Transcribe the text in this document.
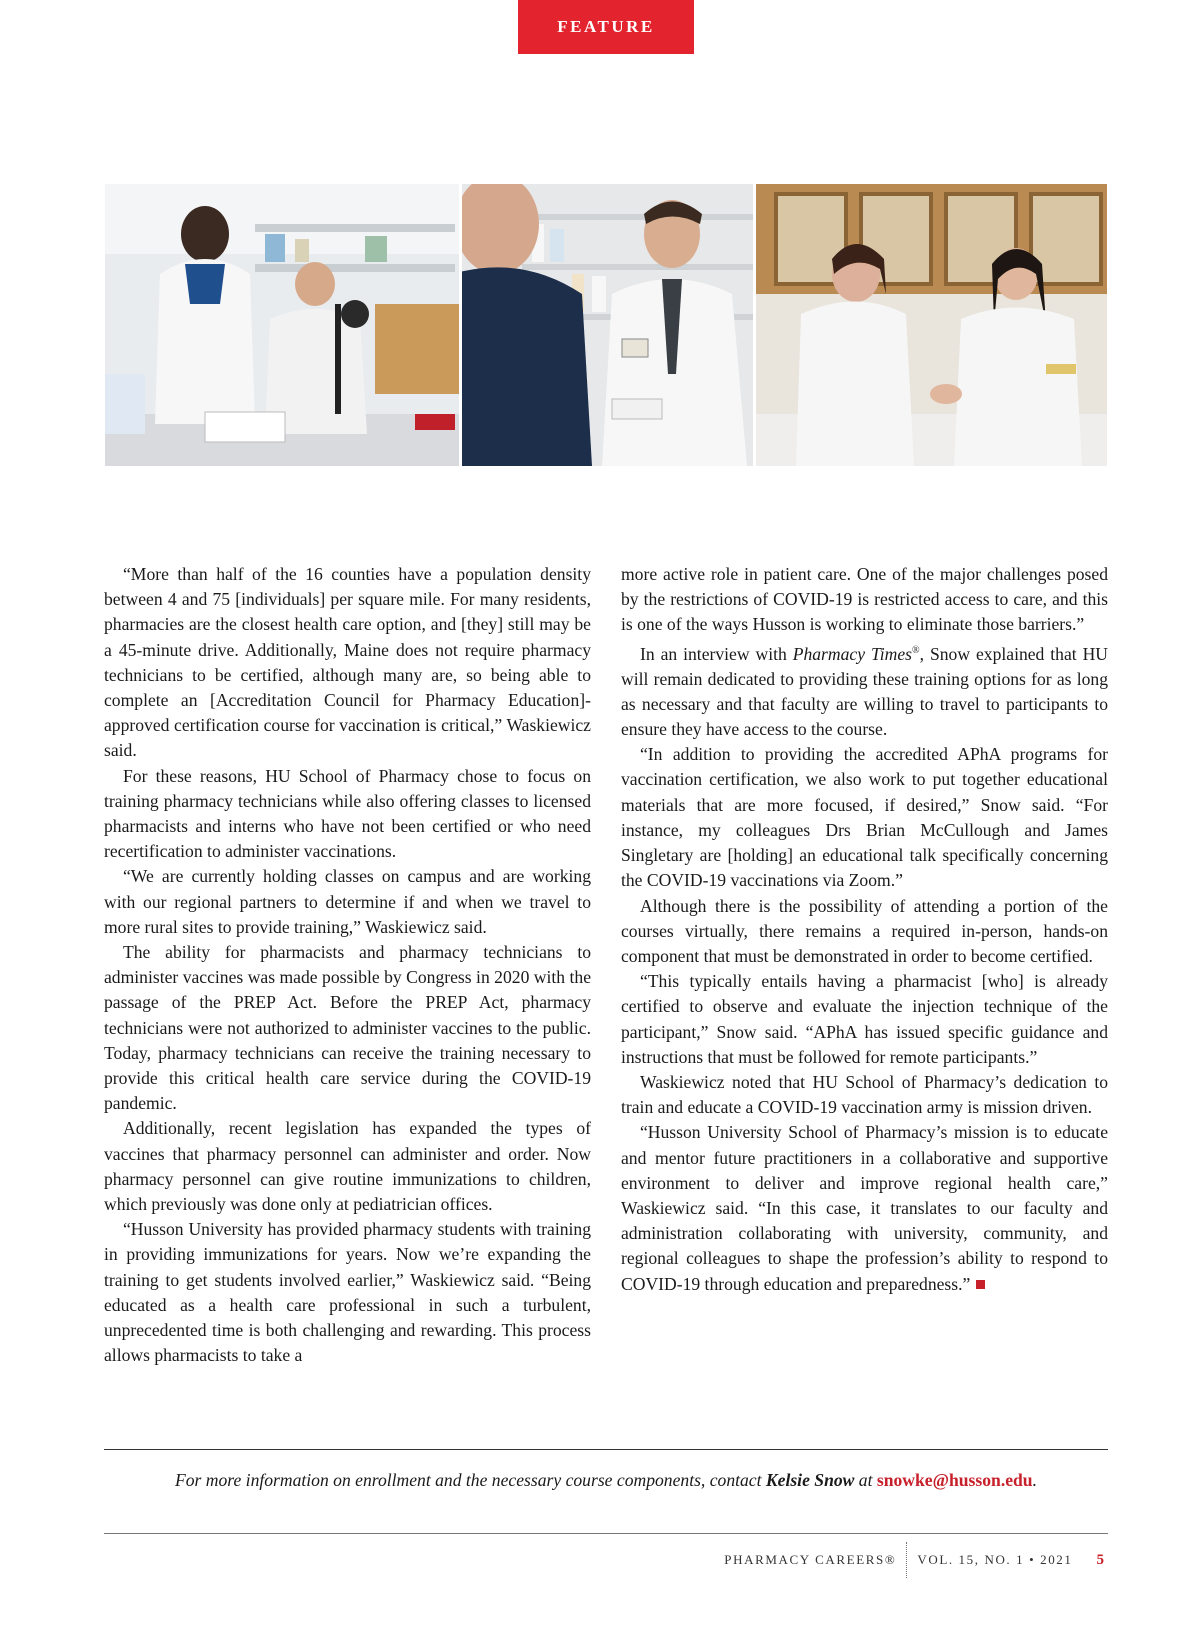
FEATURE

“More than half of the 16 counties have a population density between 4 and 75 [individuals] per square mile. For many residents, pharmacies are the closest health care option, and [they] still may be a 45-minute drive. Additionally, Maine does not require pharmacy technicians to be certified, although many are, so being able to complete an [Accreditation Council for Pharmacy Education]-approved certification course for vaccination is critical,” Waskiewicz said.

For these reasons, HU School of Pharmacy chose to focus on training pharmacy technicians while also offering classes to licensed pharmacists and interns who have not been certified or who need recertification to administer vaccinations.

“We are currently holding classes on campus and are working with our regional partners to determine if and when we travel to more rural sites to provide training,” Waskiewicz said.

The ability for pharmacists and pharmacy technicians to administer vaccines was made possible by Congress in 2020 with the passage of the PREP Act. Before the PREP Act, pharmacy technicians were not authorized to administer vaccines to the public. Today, pharmacy technicians can receive the training necessary to provide this critical health care service during the COVID-19 pandemic.

Additionally, recent legislation has expanded the types of vaccines that pharmacy personnel can administer and order. Now pharmacy personnel can give routine immunizations to children, which previously was done only at pediatrician offices.

“Husson University has provided pharmacy students with training in providing immunizations for years. Now we’re expanding the training to get students involved earlier,” Waskiewicz said. “Being educated as a health care professional in such a turbulent, unprecedented time is both challenging and rewarding. This process allows pharmacists to take a

more active role in patient care. One of the major challenges posed by the restrictions of COVID-19 is restricted access to care, and this is one of the ways Husson is working to eliminate those barriers.”

In an interview with Pharmacy Times®, Snow explained that HU will remain dedicated to providing these training options for as long as necessary and that faculty are willing to travel to participants to ensure they have access to the course.

“In addition to providing the accredited APhA programs for vaccination certification, we also work to put together educational materials that are more focused, if desired,” Snow said. “For instance, my colleagues Drs Brian McCullough and James Singletary are [holding] an educational talk specifically concerning the COVID-19 vaccinations via Zoom.”

Although there is the possibility of attending a portion of the courses virtually, there remains a required in-person, hands-on component that must be demonstrated in order to become certified.

“This typically entails having a pharmacist [who] is already certified to observe and evaluate the injection technique of the participant,” Snow said. “APhA has issued specific guidance and instructions that must be followed for remote participants.”

Waskiewicz noted that HU School of Pharmacy’s dedication to train and educate a COVID-19 vaccination army is mission driven.

“Husson University School of Pharmacy’s mission is to educate and mentor future practitioners in a collaborative and supportive environment to deliver and improve regional health care,” Waskiewicz said. “In this case, it translates to our faculty and administration collaborating with university, community, and regional colleagues to shape the profession’s ability to respond to COVID-19 through education and preparedness.”

For more information on enrollment and the necessary course components, contact Kelsie Snow at snowke@husson.edu.
PHARMACY CAREERS® VOL. 15, NO. 1 • 2021 5
